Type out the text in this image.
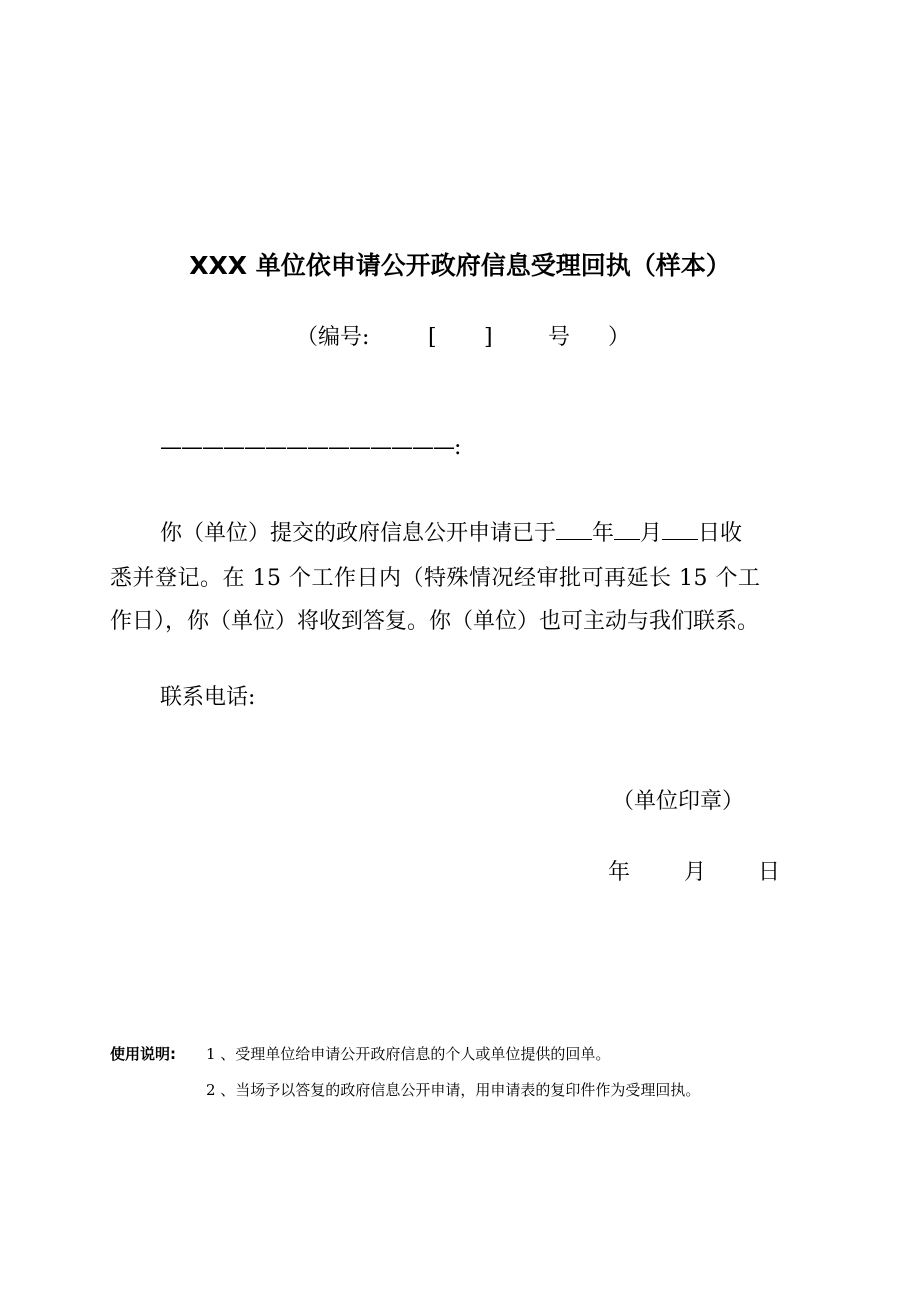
XXX 单位依申请公开政府信息受理回执（样本）
（编号:	[ ]	号 ）
——————————————:
你（单位）提交的政府信息公开申请已于 年 月 日收
悉并登记。在 15 个工作日内（特殊情况经审批可再延长 15 个工
作日），你（单位）将收到答复。你（单位）也可主动与我们联系。
联系电话:
（单位印章）
年 月 日
使用说明: 1 、受理单位给申请公开政府信息的个人或单位提供的回单。
2 、当场予以答复的政府信息公开申请，用申请表的复印件作为受理回执。
